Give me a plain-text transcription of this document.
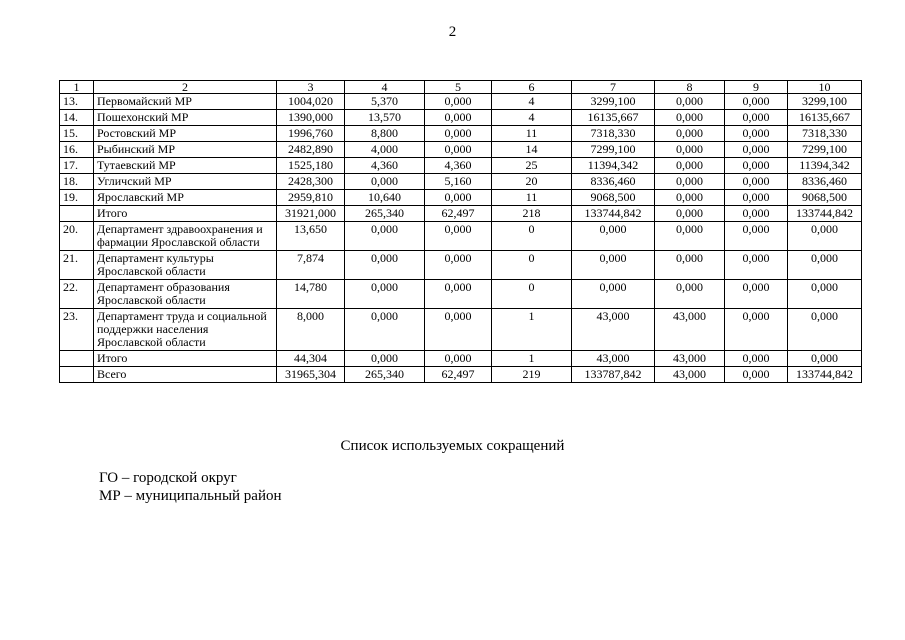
2
1	2	3	4	5	6	7	8	9	10
13.	Первомайский МР	1004,020	5,370	0,000	4	3299,100	0,000	0,000	3299,100
14.	Пошехонский МР	1390,000	13,570	0,000	4	16135,667	0,000	0,000	16135,667
15.	Ростовский МР	1996,760	8,800	0,000	11	7318,330	0,000	0,000	7318,330
16.	Рыбинский МР	2482,890	4,000	0,000	14	7299,100	0,000	0,000	7299,100
17.	Тутаевский МР	1525,180	4,360	4,360	25	11394,342	0,000	0,000	11394,342
18.	Угличский МР	2428,300	0,000	5,160	20	8336,460	0,000	0,000	8336,460
19.	Ярославский МР	2959,810	10,640	0,000	11	9068,500	0,000	0,000	9068,500
	Итого	31921,000	265,340	62,497	218	133744,842	0,000	0,000	133744,842
20.	Департамент здравоохранения и фармации Ярославской области	13,650	0,000	0,000	0	0,000	0,000	0,000	0,000
21.	Департамент культуры Ярославской области	7,874	0,000	0,000	0	0,000	0,000	0,000	0,000
22.	Департамент образования Ярославской области	14,780	0,000	0,000	0	0,000	0,000	0,000	0,000
23.	Департамент труда и социальной поддержки населения Ярославской области	8,000	0,000	0,000	1	43,000	43,000	0,000	0,000
	Итого	44,304	0,000	0,000	1	43,000	43,000	0,000	0,000
	Всего	31965,304	265,340	62,497	219	133787,842	43,000	0,000	133744,842
Список используемых сокращений
ГО – городской округ
МР – муниципальный район
